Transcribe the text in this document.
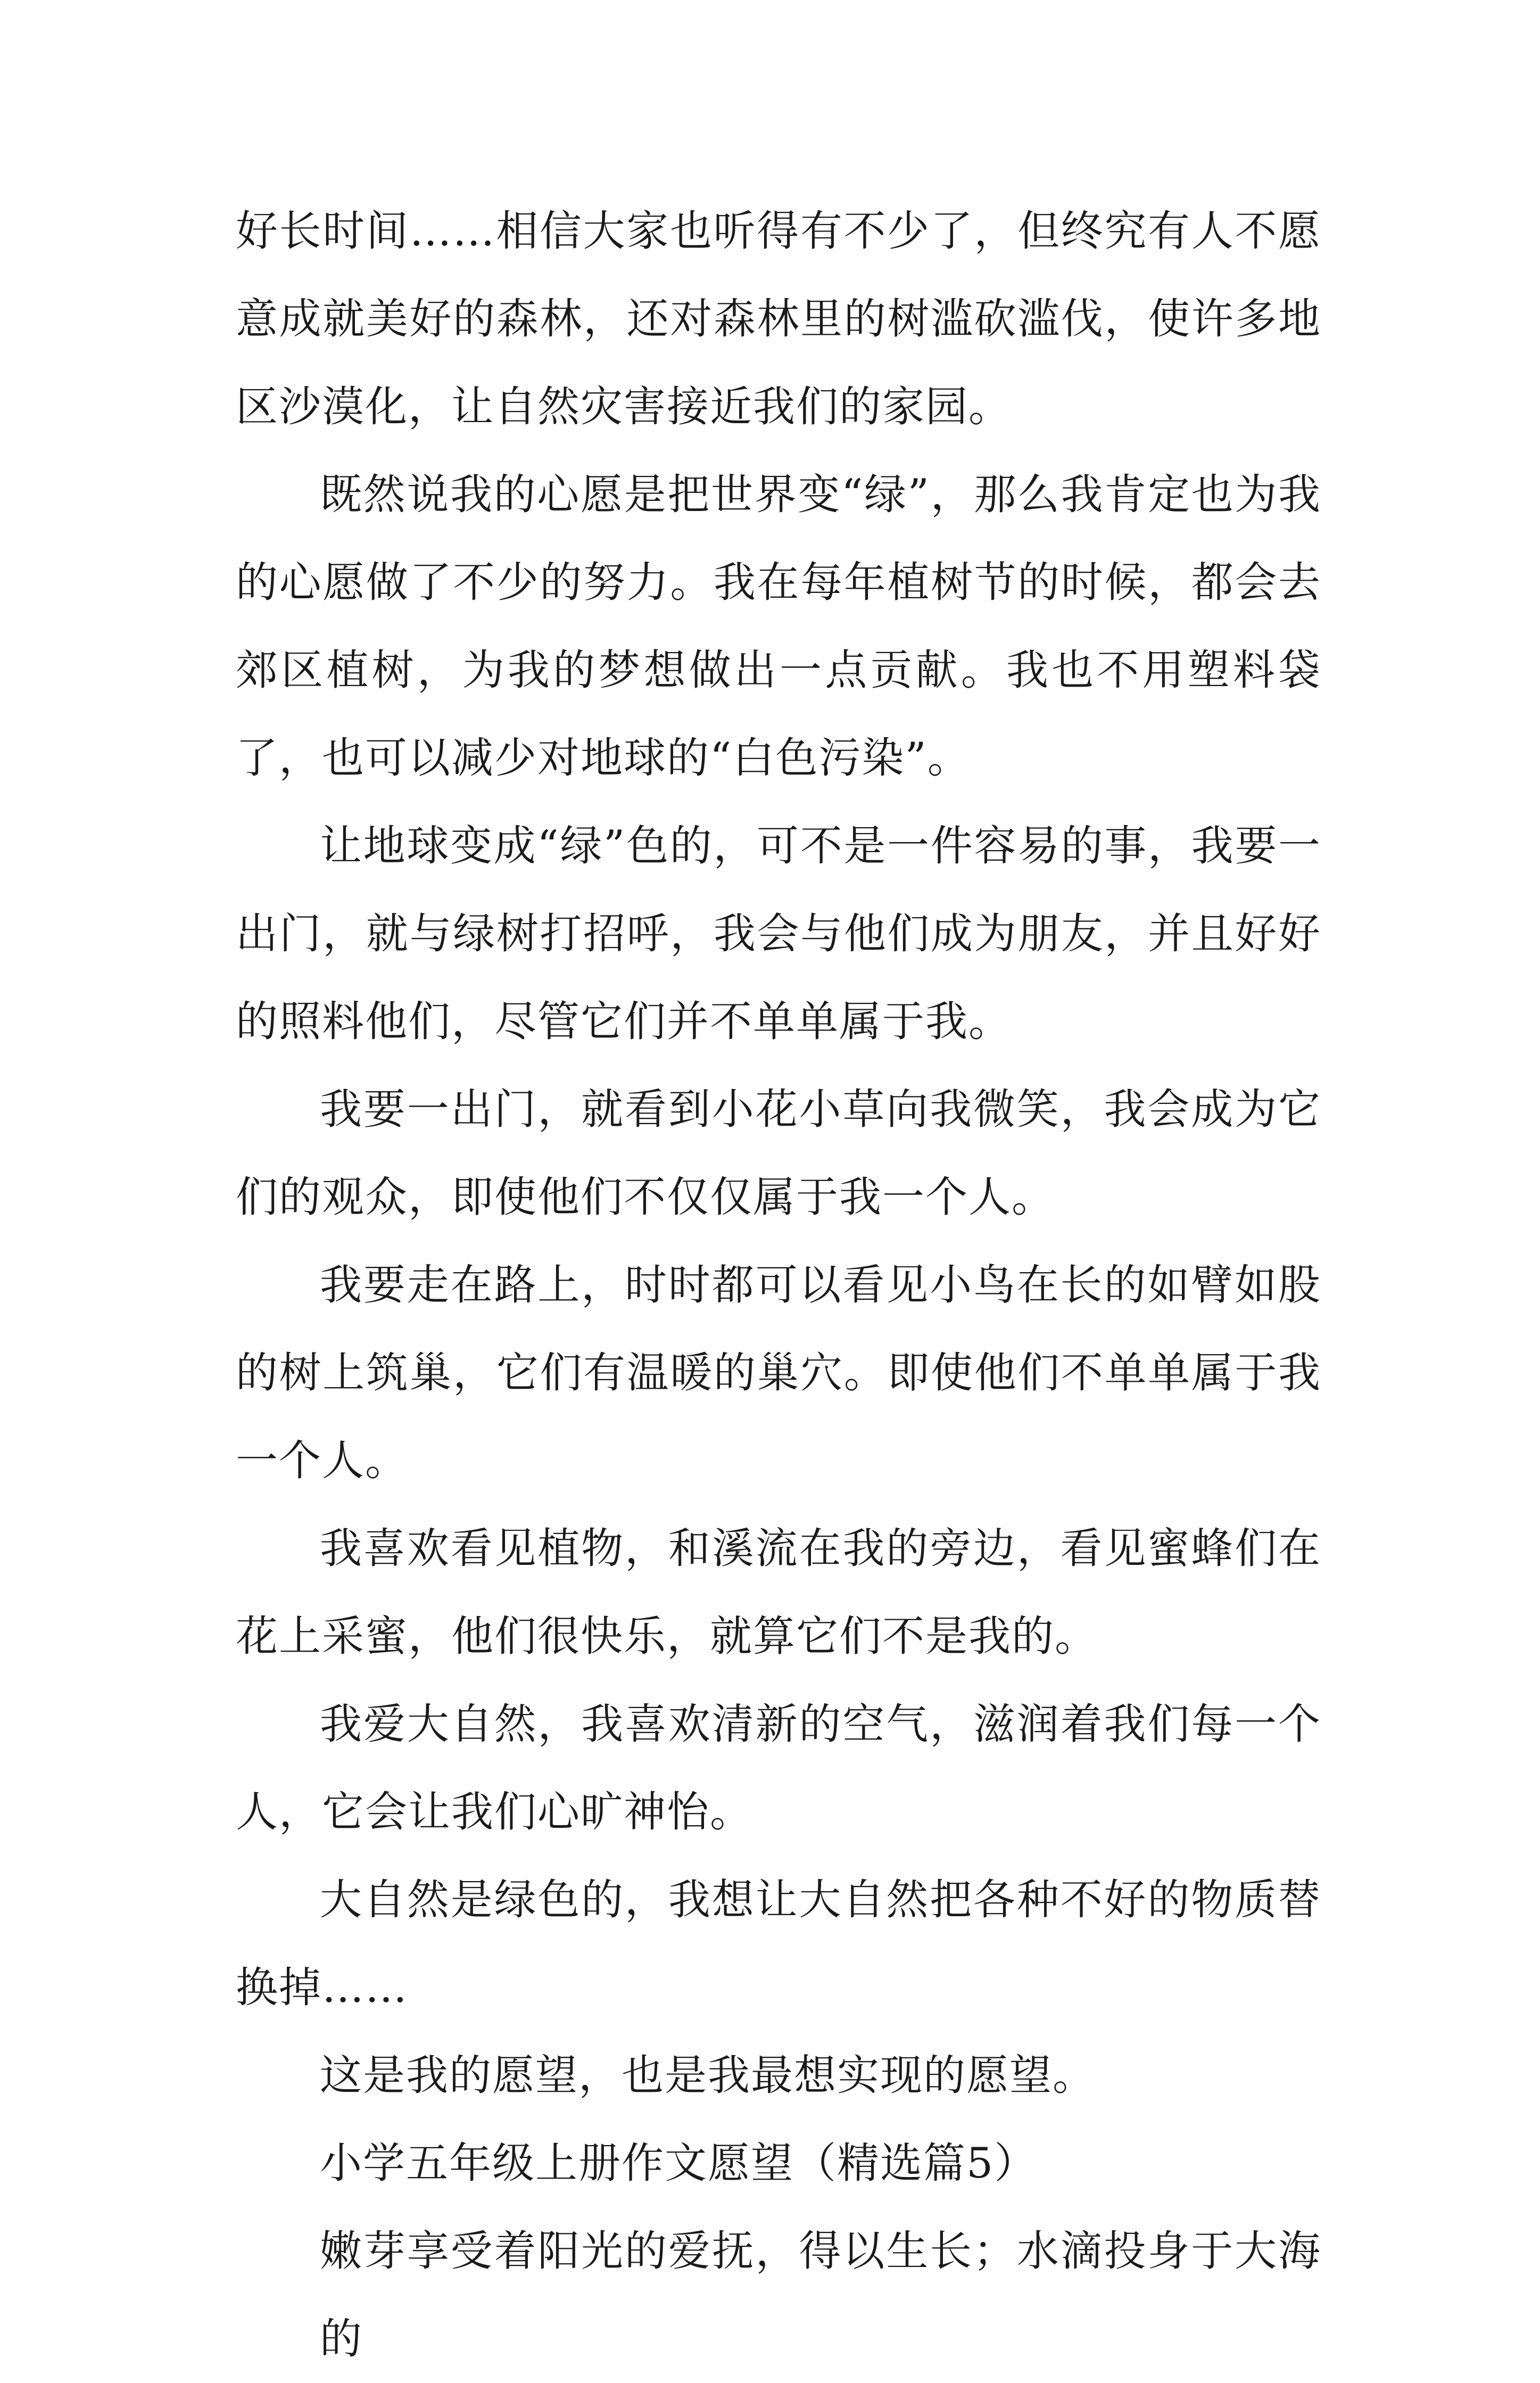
好长时间……相信大家也听得有不少了，但终究有人不愿意成就美好的森林，还对森林里的树滥砍滥伐，使许多地区沙漠化，让自然灾害接近我们的家园。

既然说我的心愿是把世界变“绿”，那么我肯定也为我的心愿做了不少的努力。我在每年植树节的时候，都会去郊区植树，为我的梦想做出一点贡献。我也不用塑料袋了，也可以减少对地球的“白色污染”。

让地球变成“绿”色的，可不是一件容易的事，我要一出门，就与绿树打招呼，我会与他们成为朋友，并且好好的照料他们，尽管它们并不单单属于我。

我要一出门，就看到小花小草向我微笑，我会成为它们的观众，即使他们不仅仅属于我一个人。

我要走在路上，时时都可以看见小鸟在长的如臂如股的树上筑巢，它们有温暖的巢穴。即使他们不单单属于我一个人。

我喜欢看见植物，和溪流在我的旁边，看见蜜蜂们在花上采蜜，他们很快乐，就算它们不是我的。

我爱大自然，我喜欢清新的空气，滋润着我们每一个人，它会让我们心旷神怡。

大自然是绿色的，我想让大自然把各种不好的物质替换掉……

这是我的愿望，也是我最想实现的愿望。

小学五年级上册作文愿望（精选篇5）

嫩芽享受着阳光的爱抚，得以生长；水滴投身于大海的
